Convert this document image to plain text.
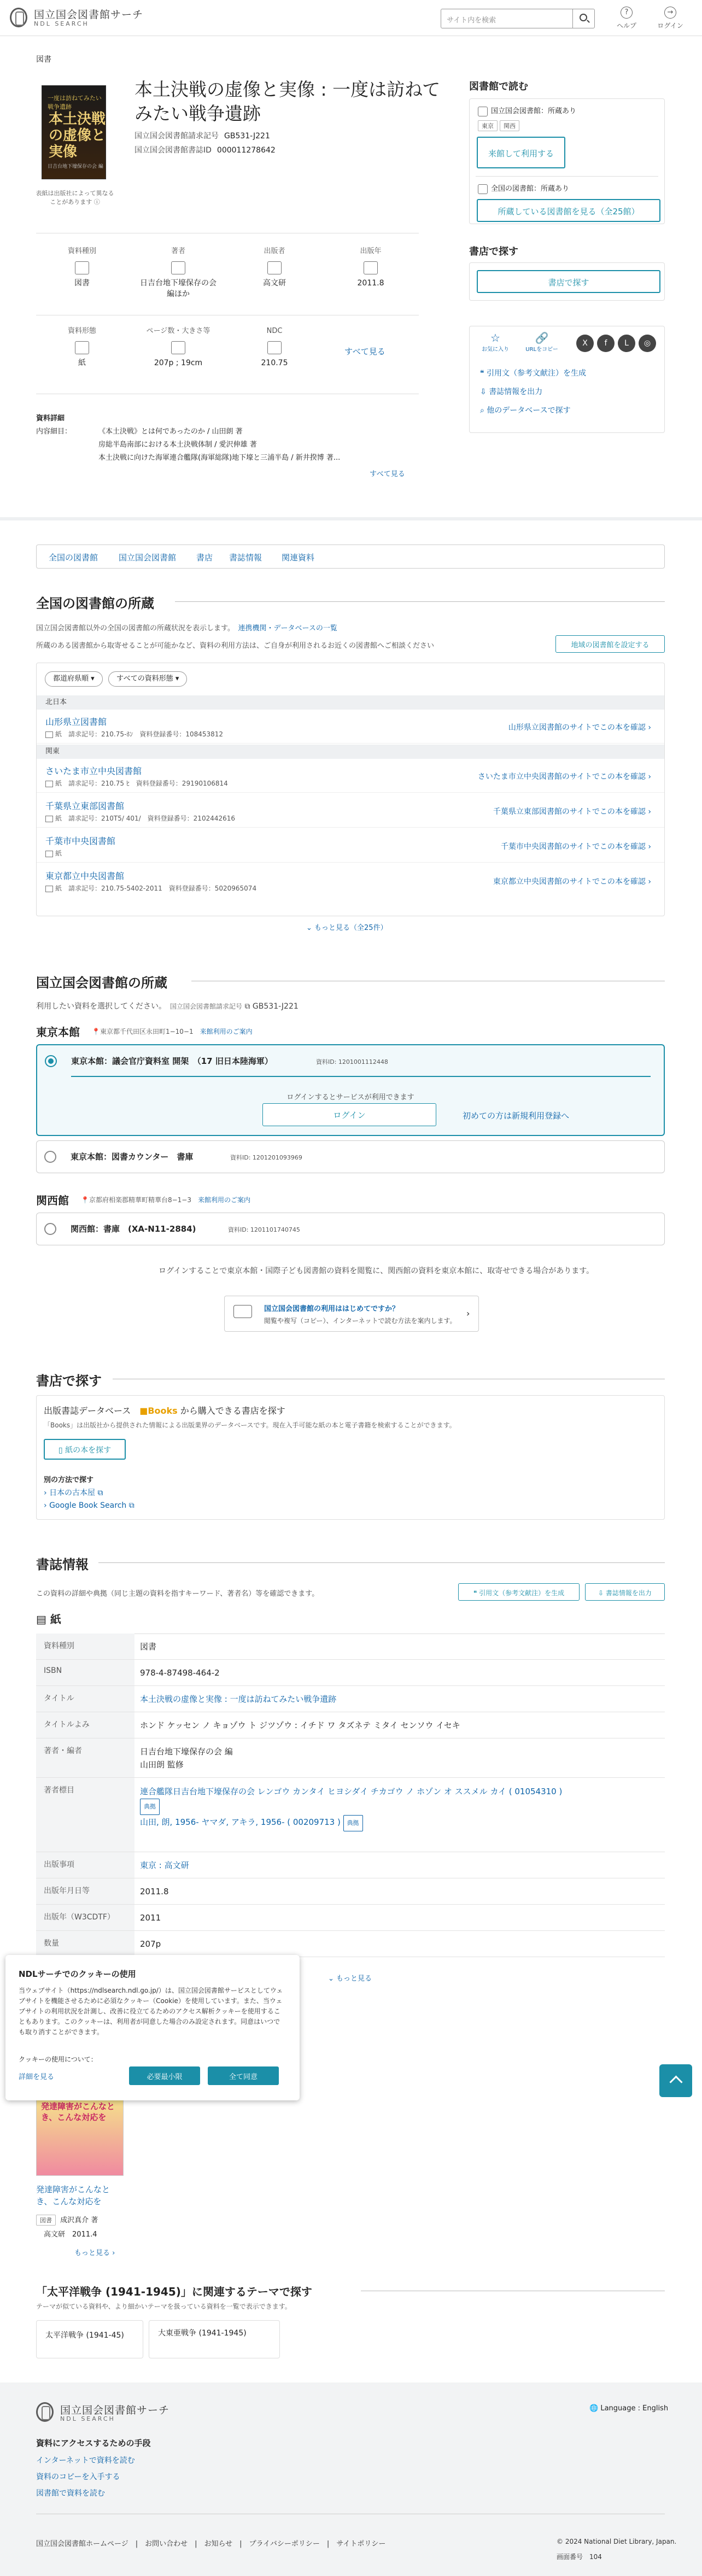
国立国会図書館サーチ
NDL SEARCH	サイト内を検索
?
ヘルプ
→
ログイン
図書
一度は訪ねてみたい戦争遺跡
本土決戦の虚像と実像
日吉台地下壕保存の会 編
表紙は出版社によって異なることがあります ⓘ
本土決戦の虚像と実像 : 一度は訪ねてみたい戦争遺跡
国立国会図書館請求記号 GB531-J221
国立国会図書館書誌ID 000011278642
資料種別
図書
著者
日吉台地下壕保存の会 編ほか
出版者
高文研
出版年
2011.8
資料形態
紙
ページ数・大きさ等
207p ; 19cm
NDC
210.75
すべて見る
資料詳細
内容細目：	《本土決戦》とは何であったのか / 山田朗 著
房総半島南部における本土決戦体制 / 愛沢伸雄 著
本土決戦に向けた海軍連合艦隊(海軍総隊)地下壕と三浦半島 / 新井揆博 著...
すべて見る
図書館で読む
国立国会図書館：所蔵あり
東京 関西
来館して利用する
全国の図書館：所蔵あり
所蔵している図書館を見る（全25館）
書店で探す
書店で探す
☆
お気に入り
🔗
URLをコピー
X	f	L	◎
❝ 引用文（参考文献注）を生成
⇩ 書誌情報を出力
⌕ 他のデータベースで探す
全国の図書館	国立国会図書館 書店 書誌情報 関連資料
全国の図書館の所蔵
国立国会図書館以外の全国の図書館の所蔵状況を表示します。　 連携機関・データベースの一覧
所蔵のある図書館から取寄せることが可能かなど、資料の利用方法は、ご自身が利用されるお近くの図書館へご相談ください	地域の図書館を設定する
都道府県順 ▾	すべての資料形態 ▾
北日本
山形県立図書館
紙　請求記号：210.75-ﾎﾝ　資料登録番号：108453812
山形県立図書館のサイトでこの本を確認 ›
関東
さいたま市立中央図書館
紙　請求記号：210.75 ﾋ　資料登録番号：29190106814
さいたま市立中央図書館のサイトでこの本を確認 ›
千葉県立東部図書館
紙　請求記号：210T5/ 401/　資料登録番号：2102442616
千葉県立東部図書館のサイトでこの本を確認 ›
千葉市中央図書館
紙
千葉市中央図書館のサイトでこの本を確認 ›
東京都立中央図書館
紙　請求記号：210.75-5402-2011　資料登録番号：5020965074
東京都立中央図書館のサイトでこの本を確認 ›
⌄ もっと見る（全25件）
国立国会図書館の所蔵
利用したい資料を選択してください。　 国立国会図書館請求記号 ⧉ GB531-J221
東京本館 📍東京都千代田区永田町1−10−1　 来館利用のご案内
東京本館：議会官庁資料室 開架　（17 旧日本陸海軍）	資料ID: 1201001112448
ログインするとサービスが利用できます
ログイン	初めての方は新規利用登録へ
東京本館：図書カウンター　書庫	資料ID: 1201201093969
関西館 📍京都府相楽郡精華町精華台8−1−3　 来館利用のご案内
関西館：書庫　(XA-N11-2884)	資料ID: 1201101740745
ログインすることで東京本館・国際子ども図書館の資料を閲覧に、関西館の資料を東京本館に、取寄せできる場合があります。
国立国会図書館の利用ははじめてですか？
閲覧や複写（コピー）、インターネットで読む方法を案内します。
›
書店で探す
出版書誌データベース　 ■Books から購入できる書店を探す
「Books」は出版社から提供された情報による出版業界のデータベースです。現在入手可能な紙の本と電子書籍を検索することができます。
▯ 紙の本を探す
別の方法で探す
› 日本の古本屋 ⧉
› Google Book Search ⧉
書誌情報
この資料の詳細や典拠（同じ主題の資料を指すキーワード、著者名）等を確認できます。	❝ 引用文（参考文献注）を生成	⇩ 書誌情報を出力
▤ 紙
資料種別	図書
ISBN	978-4-87498-464-2
タイトル	本土決戦の虚像と実像 : 一度は訪ねてみたい戦争遺跡
タイトルよみ	ホンド ケッセン ノ キョゾウ ト ジツゾウ : イチド ワ タズネテ ミタイ センソウ イセキ
著者・編者	日吉台地下壕保存の会 編
山田朗 監修
著者標目	連合艦隊日吉台地下壕保存の会 レンゴウ カンタイ ヒヨシダイ チカゴウ ノ ホゾン オ ススメル カイ ( 01054310 )
典拠
山田, 朗, 1956- ヤマダ, アキラ, 1956- ( 00209713 ) 典拠
出版事項	東京 : 高文研
出版年月日等	2011.8
出版年（W3CDTF）	2011
数量	207p
⌄ もっと見る
発達障害がこんなとき、こんな対応を
発達障害がこんなとき、こんな対応を
図書 成沢真介 著
高文研　 2011.4
もっと見る ›
「太平洋戦争 (1941-1945)」に関連するテーマで探す
テーマが似ている資料や、より細かいテーマを扱っている資料を一覧で表示できます。
太平洋戦争 (1941-45)	大東亜戦争 (1941-1945)
NDLサーチでのクッキーの使用
当ウェブサイト（https://ndlsearch.ndl.go.jp/）は、国立国会図書館サービスとしてウェブサイトを機能させるために必須なクッキー（Cookie）を使用しています。また、当ウェブサイトの利用状況を計測し、改善に役立てるためのアクセス解析クッキーを使用することもあります。このクッキーは、利用者が同意した場合のみ設定されます。同意はいつでも取り消すことができます。
クッキーの使用について：
詳細を見る	必要最小限	全て同意
国立国会図書館サーチ
NDL SEARCH
🌐 Language : English
資料にアクセスするための手段
インターネットで資料を読む
資料のコピーを入手する
図書館で資料を読む
国立国会図書館ホームページ　|　お問い合わせ　|　お知らせ　|　プライバシーポリシー　|　サイトポリシー	© 2024 National Diet Library, Japan.
画面番号　 104
